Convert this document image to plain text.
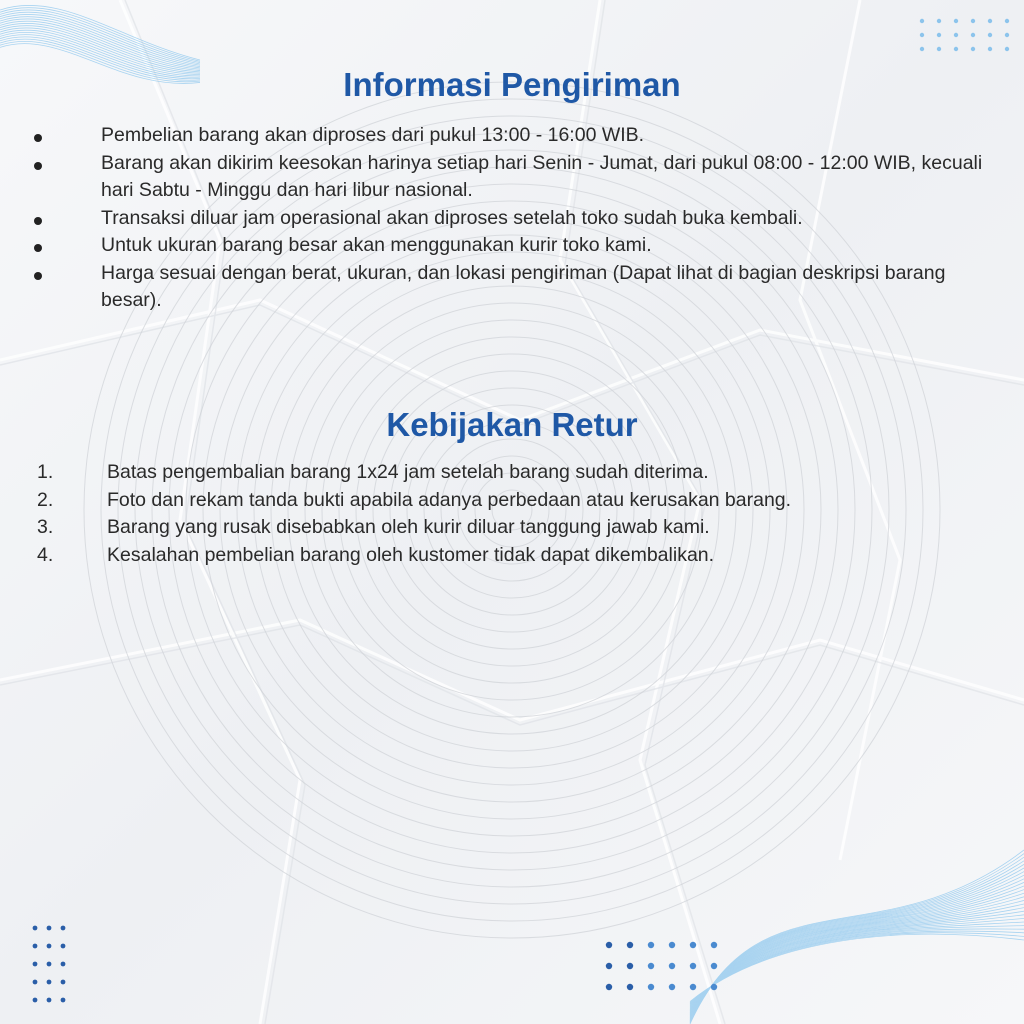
Informasi Pengiriman
Pembelian barang akan diproses dari pukul 13:00 - 16:00 WIB.
Barang akan dikirim keesokan harinya setiap hari Senin - Jumat, dari pukul 08:00 - 12:00 WIB, kecuali hari Sabtu - Minggu dan hari libur nasional.
Transaksi diluar jam operasional akan diproses setelah toko sudah buka kembali.
Untuk ukuran barang besar akan menggunakan kurir toko kami.
Harga sesuai dengan berat, ukuran, dan lokasi pengiriman (Dapat lihat di bagian deskripsi barang besar).
Kebijakan Retur
1.	Batas pengembalian barang 1x24 jam setelah barang sudah diterima.
2.	Foto dan rekam tanda bukti apabila adanya perbedaan atau kerusakan barang.
3.	Barang yang rusak disebabkan oleh kurir diluar tanggung jawab kami.
4.	Kesalahan pembelian barang oleh kustomer tidak dapat dikembalikan.
